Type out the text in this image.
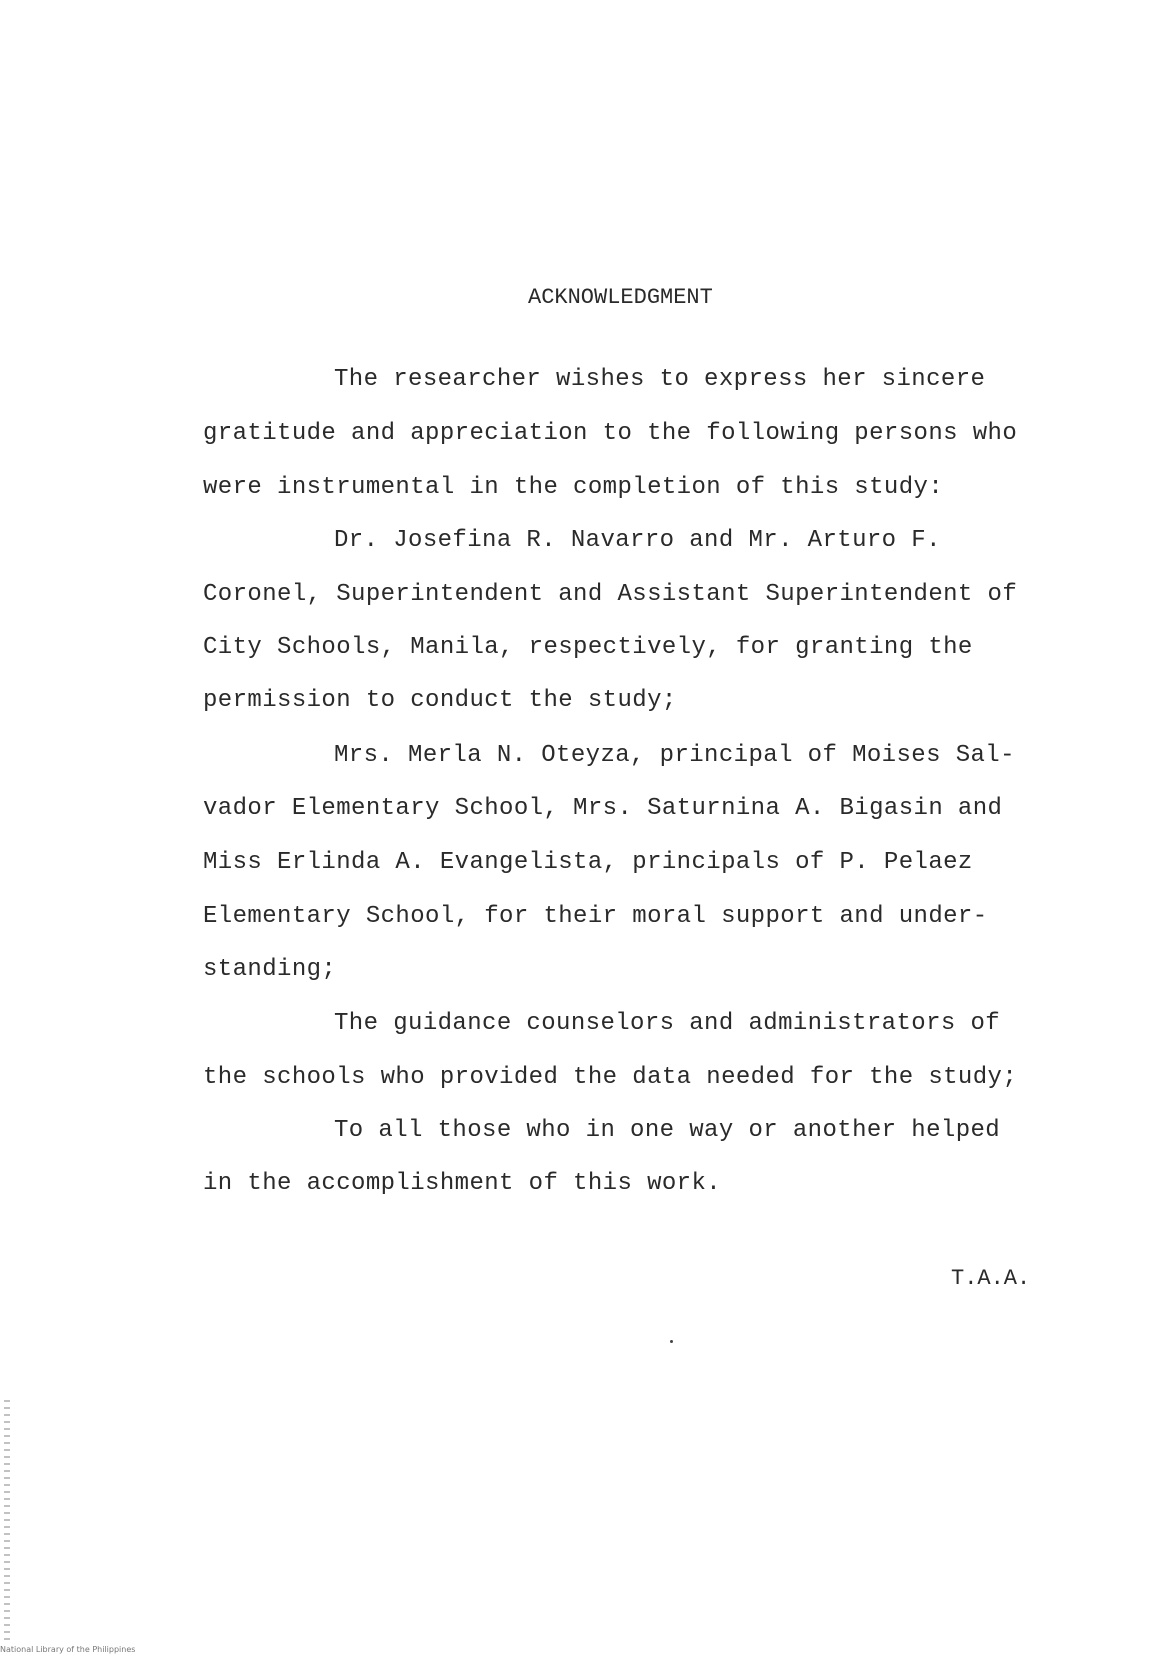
ACKNOWLEDGMENT
The researcher wishes to express her sincere
gratitude and appreciation to the following persons who
were instrumental in the completion of this study:
Dr. Josefina R. Navarro and Mr. Arturo F.
Coronel, Superintendent and Assistant Superintendent of
City Schools, Manila, respectively, for granting the
permission to conduct the study;
Mrs. Merla N. Oteyza, principal of Moises Sal-
vador Elementary School, Mrs. Saturnina A. Bigasin and
Miss Erlinda A. Evangelista, principals of P. Pelaez
Elementary School, for their moral support and under-
standing;
The guidance counselors and administrators of
the schools who provided the data needed for the study;
To all those who in one way or another helped
in the accomplishment of this work.
T.A.A.
National Library of the Philippines
